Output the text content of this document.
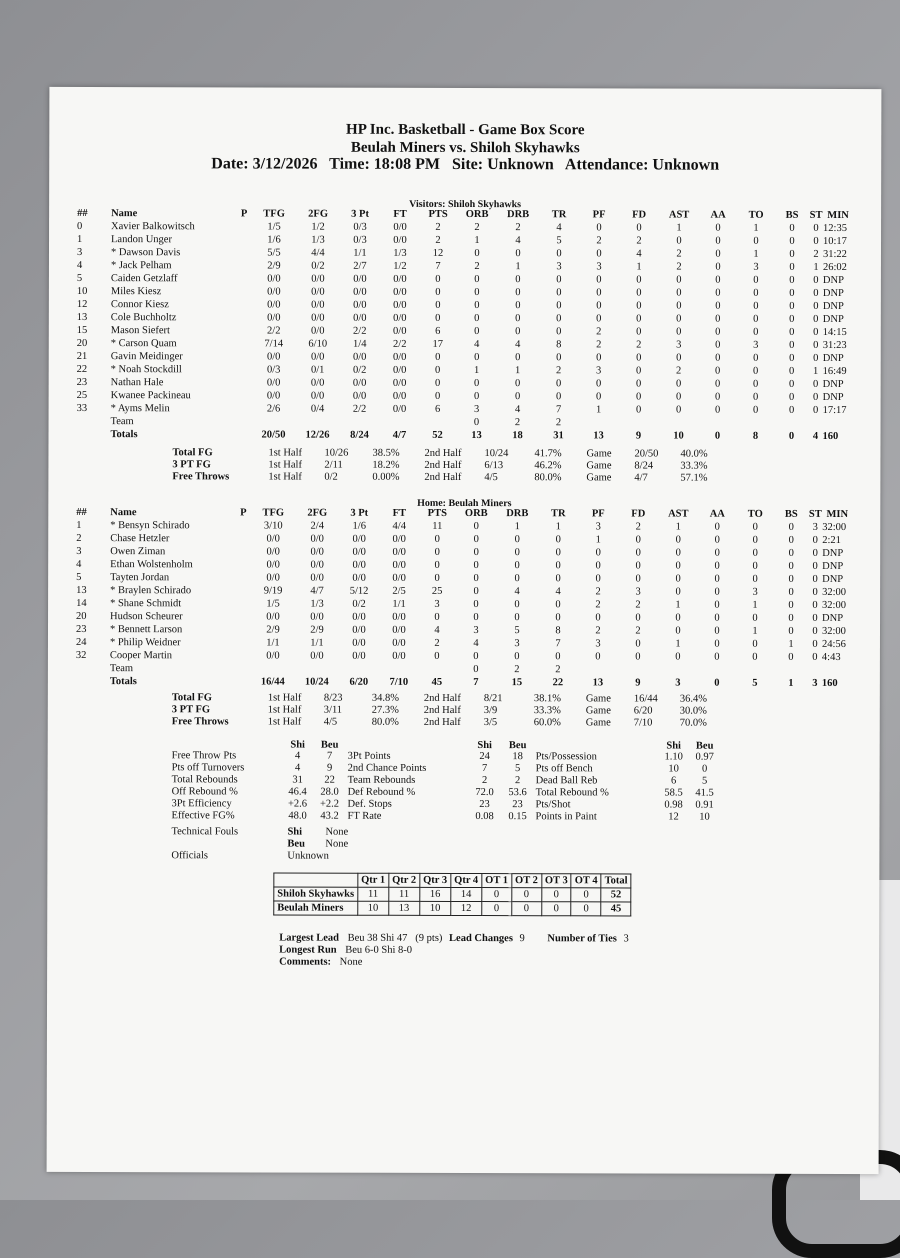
HP Inc. Basketball - Game Box Score
Beulah Miners vs. Shiloh Skyhawks
Date: 3/12/2026   Time: 18:08 PM   Site: Unknown   Attendance: Unknown
Visitors: Shiloh Skyhawks
##	Name	P	TFG	2FG	3 Pt	FT	PTS	ORB	DRB	TR	PF	FD	AST	AA	TO	BS	ST	MIN
0	Xavier Balkowitsch		1/5	1/2	0/3	0/0	2	2	2	4	0	0	1	0	1	0	0	12:35
1	Landon Unger		1/6	1/3	0/3	0/0	2	1	4	5	2	2	0	0	0	0	0	10:17
3	* Dawson Davis		5/5	4/4	1/1	1/3	12	0	0	0	0	4	2	0	1	0	2	31:22
4	* Jack Pelham		2/9	0/2	2/7	1/2	7	2	1	3	3	1	2	0	3	0	1	26:02
5	Caiden Getzlaff		0/0	0/0	0/0	0/0	0	0	0	0	0	0	0	0	0	0	0	DNP
10	Miles Kiesz		0/0	0/0	0/0	0/0	0	0	0	0	0	0	0	0	0	0	0	DNP
12	Connor Kiesz		0/0	0/0	0/0	0/0	0	0	0	0	0	0	0	0	0	0	0	DNP
13	Cole Buchholtz		0/0	0/0	0/0	0/0	0	0	0	0	0	0	0	0	0	0	0	DNP
15	Mason Siefert		2/2	0/0	2/2	0/0	6	0	0	0	2	0	0	0	0	0	0	14:15
20	* Carson Quam		7/14	6/10	1/4	2/2	17	4	4	8	2	2	3	0	3	0	0	31:23
21	Gavin Meidinger		0/0	0/0	0/0	0/0	0	0	0	0	0	0	0	0	0	0	0	DNP
22	* Noah Stockdill		0/3	0/1	0/2	0/0	0	1	1	2	3	0	2	0	0	0	1	16:49
23	Nathan Hale		0/0	0/0	0/0	0/0	0	0	0	0	0	0	0	0	0	0	0	DNP
25	Kwanee Packineau		0/0	0/0	0/0	0/0	0	0	0	0	0	0	0	0	0	0	0	DNP
33	* Ayms Melin		2/6	0/4	2/2	0/0	6	3	4	7	1	0	0	0	0	0	0	17:17
	Team							0	2	2								
	Totals		20/50	12/26	8/24	4/7	52	13	18	31	13	9	10	0	8	0	4	160
Total FG	1st Half	10/26	38.5%	2nd Half	10/24	41.7%	Game	20/50	40.0%
3 PT FG	1st Half	2/11	18.2%	2nd Half	6/13	46.2%	Game	8/24	33.3%
Free Throws	1st Half	0/2	0.00%	2nd Half	4/5	80.0%	Game	4/7	57.1%
Home: Beulah Miners
##	Name	P	TFG	2FG	3 Pt	FT	PTS	ORB	DRB	TR	PF	FD	AST	AA	TO	BS	ST	MIN
1	* Bensyn Schirado		3/10	2/4	1/6	4/4	11	0	1	1	3	2	1	0	0	0	3	32:00
2	Chase Hetzler		0/0	0/0	0/0	0/0	0	0	0	0	1	0	0	0	0	0	0	2:21
3	Owen Ziman		0/0	0/0	0/0	0/0	0	0	0	0	0	0	0	0	0	0	0	DNP
4	Ethan Wolstenholm		0/0	0/0	0/0	0/0	0	0	0	0	0	0	0	0	0	0	0	DNP
5	Tayten Jordan		0/0	0/0	0/0	0/0	0	0	0	0	0	0	0	0	0	0	0	DNP
13	* Braylen Schirado		9/19	4/7	5/12	2/5	25	0	4	4	2	3	0	0	3	0	0	32:00
14	* Shane Schmidt		1/5	1/3	0/2	1/1	3	0	0	0	2	2	1	0	1	0	0	32:00
20	Hudson Scheurer		0/0	0/0	0/0	0/0	0	0	0	0	0	0	0	0	0	0	0	DNP
23	* Bennett Larson		2/9	2/9	0/0	0/0	4	3	5	8	2	2	0	0	1	0	0	32:00
24	* Philip Weidner		1/1	1/1	0/0	0/0	2	4	3	7	3	0	1	0	0	1	0	24:56
32	Cooper Martin		0/0	0/0	0/0	0/0	0	0	0	0	0	0	0	0	0	0	0	4:43
	Team							0	2	2								
	Totals		16/44	10/24	6/20	7/10	45	7	15	22	13	9	3	0	5	1	3	160
Total FG	1st Half	8/23	34.8%	2nd Half	8/21	38.1%	Game	16/44	36.4%
3 PT FG	1st Half	3/11	27.3%	2nd Half	3/9	33.3%	Game	6/20	30.0%
Free Throws	1st Half	4/5	80.0%	2nd Half	3/5	60.0%	Game	7/10	70.0%
	Shi	Beu		Shi	Beu		Shi	Beu
Free Throw Pts	4	7	3Pt Points	24	18	Pts/Possession	1.10	0.97
Pts off Turnovers	4	9	2nd Chance Points	7	5	Pts off Bench	10	0
Total Rebounds	31	22	Team Rebounds	2	2	Dead Ball Reb	6	5
Off Rebound %	46.4	28.0	Def Rebound %	72.0	53.6	Total Rebound %	58.5	41.5
3Pt Efficiency	+2.6	+2.2	Def. Stops	23	23	Pts/Shot	0.98	0.91
Effective FG%	48.0	43.2	FT Rate	0.08	0.15	Points in Paint	12	10
Technical Fouls	Shi	None
	Beu	None
Officials	Unknown	
	Qtr 1	Qtr 2	Qtr 3	Qtr 4	OT 1	OT 2	OT 3	OT 4	Total
Shiloh Skyhawks	11	11	16	14	0	0	0	0	52
Beulah Miners	10	13	10	12	0	0	0	0	45
Largest Lead Beu 38 Shi 47   (9 pts) Lead Changes 9 Number of Ties 3
Longest Run Beu 6-0 Shi 8-0
Comments: None
